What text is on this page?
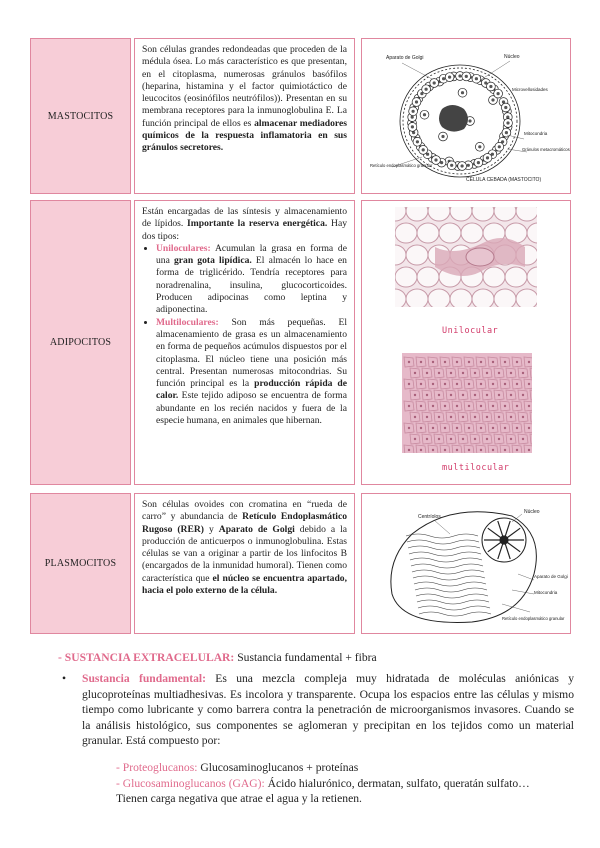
MASTOCITOS

Son células grandes redondeadas que proceden de la médula ósea. Lo más característico es que presentan, en el citoplasma, numerosas gránulos basófilos (heparina, histamina y el factor quimiotáctico de leucocitos (eosinófilos neutrófilos)). Presentan en su membrana receptores para la inmunoglobulina E. La función principal de ellos es almacenar mediadores químicos de la respuesta inflamatoria en sus gránulos secretores.

Aparato de Golgi	Núcleo
Microvellosidades
Mitocondria
Retículo endoplasmático granular
Gránulos metacromáticos
CÉLULA CEBADA (MASTOCITO)
ADIPOCITOS

Están encargadas de las síntesis y almacenamiento de lípidos. Importante la reserva energética. Hay dos tipos:

• Uniloculares: Acumulan la grasa en forma de una gran gota lipídica. El almacén lo hace en forma de triglicérido. Tendría receptores para noradrenalina, insulina, glucocorticoides. Producen adipocinas como leptina y adiponectina.
• Multiloculares: Son más pequeñas. El almacenamiento de grasa es un almacenamiento en forma de pequeños acúmulos dispuestos por el citoplasma. El núcleo tiene una posición más central. Presentan numerosas mitocondrias. Su función principal es la producción rápida de calor. Este tejido adiposo se encuentra de forma abundante en los recién nacidos y fuera de la especie humana, en animales que hibernan.
Unilocular
multilocular
PLASMOCITOS

Son células ovoides con cromatina en “rueda de carro” y abundancia de Retículo Endoplasmático Rugoso (RER) y Aparato de Golgi debido a la producción de anticuerpos o inmunoglobulina. Estas células se van a originar a partir de los linfocitos B (encargados de la inmunidad humoral). Tienen como característica que el núcleo se encuentra apartado, hacia el polo externo de la célula.

Centríolos
Núcleo
Aparato de Golgi
Mitocondria
Retículo endoplasmático granular

- SUSTANCIA EXTRACELULAR: Sustancia fundamental + fibra

•	Sustancia fundamental: Es una mezcla compleja muy hidratada de moléculas aniónicas y glucoproteínas multiadhesivas. Es incolora y transparente. Ocupa los espacios entre las células y mismo tiempo como lubricante y como barrera contra la penetración de microorganismos invasores. Cuando se la análisis histológico, sus componentes se aglomeran y precipitan en los tejidos como un material granular. Está compuesto por:

- Proteoglucanos: Glucosaminoglucanos + proteínas

- Glucosaminoglucanos (GAG): Ácido hialurónico, dermatan, sulfato, queratán sulfato…

Tienen carga negativa que atrae el agua y la retienen.
